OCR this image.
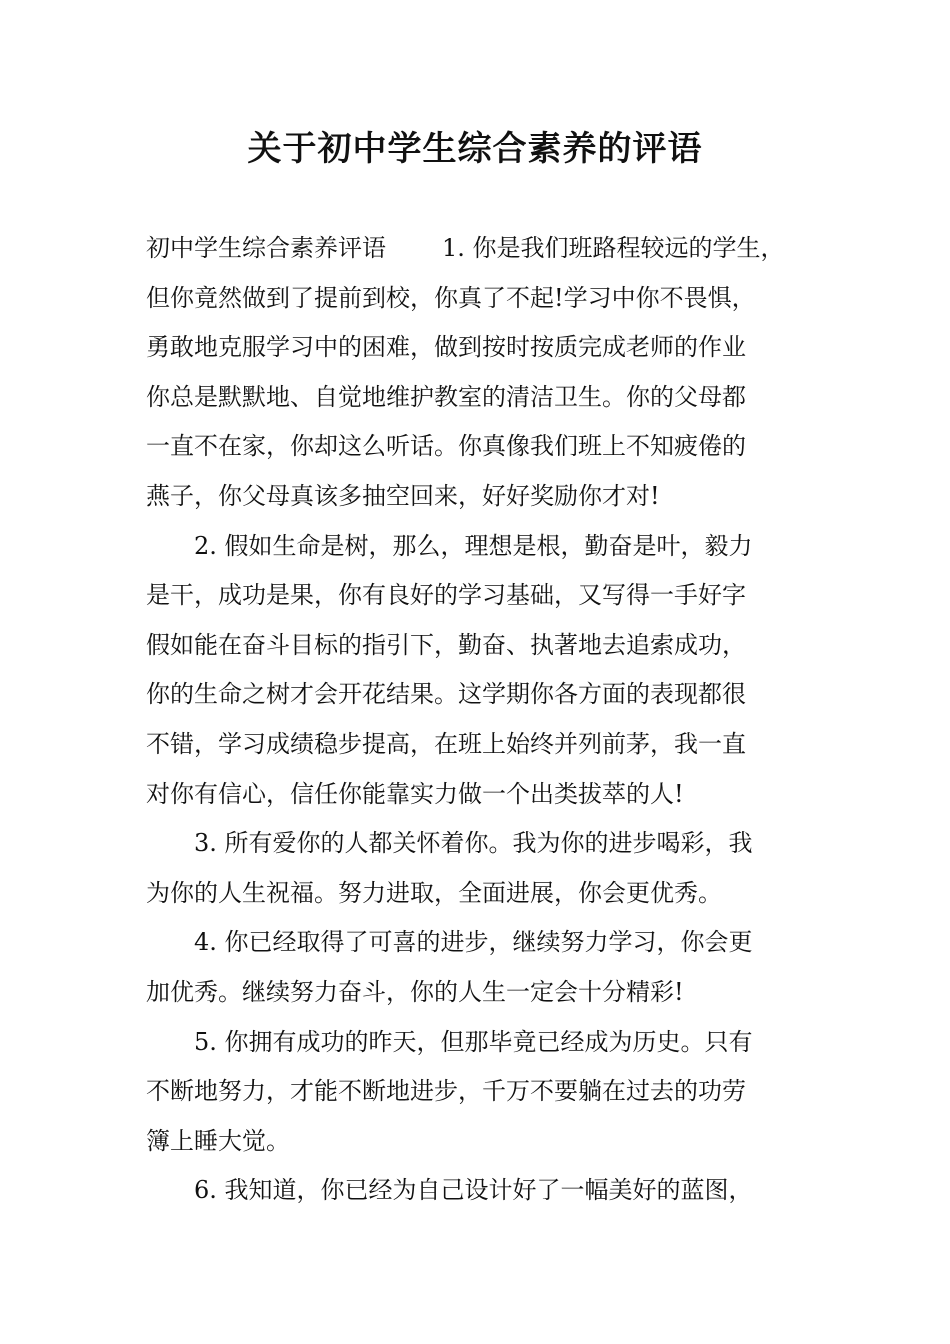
关于初中学生综合素养的评语
初中学生综合素养评语 1. 你是我们班路程较远的学生，
但你竟然做到了提前到校，你真了不起!学习中你不畏惧，
勇敢地克服学习中的困难，做到按时按质完成老师的作业
你总是默默地、自觉地维护教室的清洁卫生。你的父母都
一直不在家，你却这么听话。你真像我们班上不知疲倦的
燕子，你父母真该多抽空回来，好好奖励你才对!
2. 假如生命是树，那么，理想是根，勤奋是叶，毅力
是干，成功是果，你有良好的学习基础，又写得一手好字
假如能在奋斗目标的指引下，勤奋、执著地去追索成功，
你的生命之树才会开花结果。这学期你各方面的表现都很
不错，学习成绩稳步提高，在班上始终并列前茅，我一直
对你有信心，信任你能靠实力做一个出类拔萃的人!
3. 所有爱你的人都关怀着你。我为你的进步喝彩，我
为你的人生祝福。努力进取，全面进展，你会更优秀。
4. 你已经取得了可喜的进步，继续努力学习，你会更
加优秀。继续努力奋斗，你的人生一定会十分精彩!
5. 你拥有成功的昨天，但那毕竟已经成为历史。只有
不断地努力，才能不断地进步，千万不要躺在过去的功劳
簿上睡大觉。
6. 我知道，你已经为自己设计好了一幅美好的蓝图，
